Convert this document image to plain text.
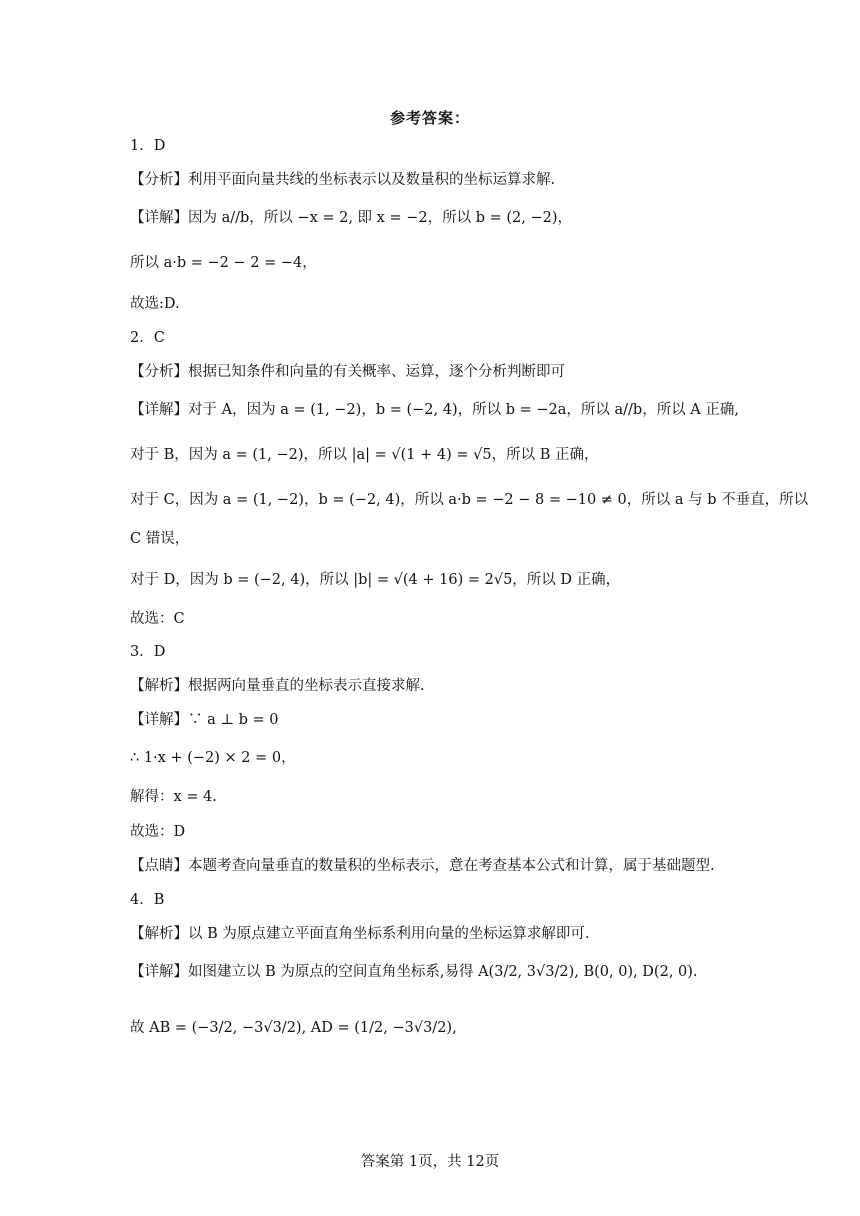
参考答案：
1．D
【分析】利用平面向量共线的坐标表示以及数量积的坐标运算求解.
【详解】因为 a//b，所以 −x = 2, 即 x = −2，所以 b = (2, −2)，
所以 a·b = −2 − 2 = −4，
故选:D.
2．C
【分析】根据已知条件和向量的有关概率、运算，逐个分析判断即可
【详解】对于 A，因为 a = (1, −2)，b = (−2, 4)，所以 b = −2a，所以 a//b，所以 A 正确,
对于 B，因为 a = (1, −2)，所以 |a| = √(1 + 4) = √5，所以 B 正确，
对于 C，因为 a = (1, −2)，b = (−2, 4)，所以 a·b = −2 − 8 = −10 ≠ 0，所以 a 与 b 不垂直，所以
C 错误，
对于 D，因为 b = (−2, 4)，所以 |b| = √(4 + 16) = 2√5，所以 D 正确，
故选：C
3．D
【解析】根据两向量垂直的坐标表示直接求解.
【详解】∵ a ⊥ b = 0
∴ 1·x + (−2) × 2 = 0，
解得：x = 4.
故选：D
【点睛】本题考查向量垂直的数量积的坐标表示，意在考查基本公式和计算，属于基础题型.
4．B
【解析】以 B 为原点建立平面直角坐标系利用向量的坐标运算求解即可.
【详解】如图建立以 B 为原点的空间直角坐标系,易得 A(3/2, 3√3/2), B(0, 0), D(2, 0).
故 AB = (−3/2, −3√3/2), AD = (1/2, −3√3/2),
答案第 1页，共 12页
